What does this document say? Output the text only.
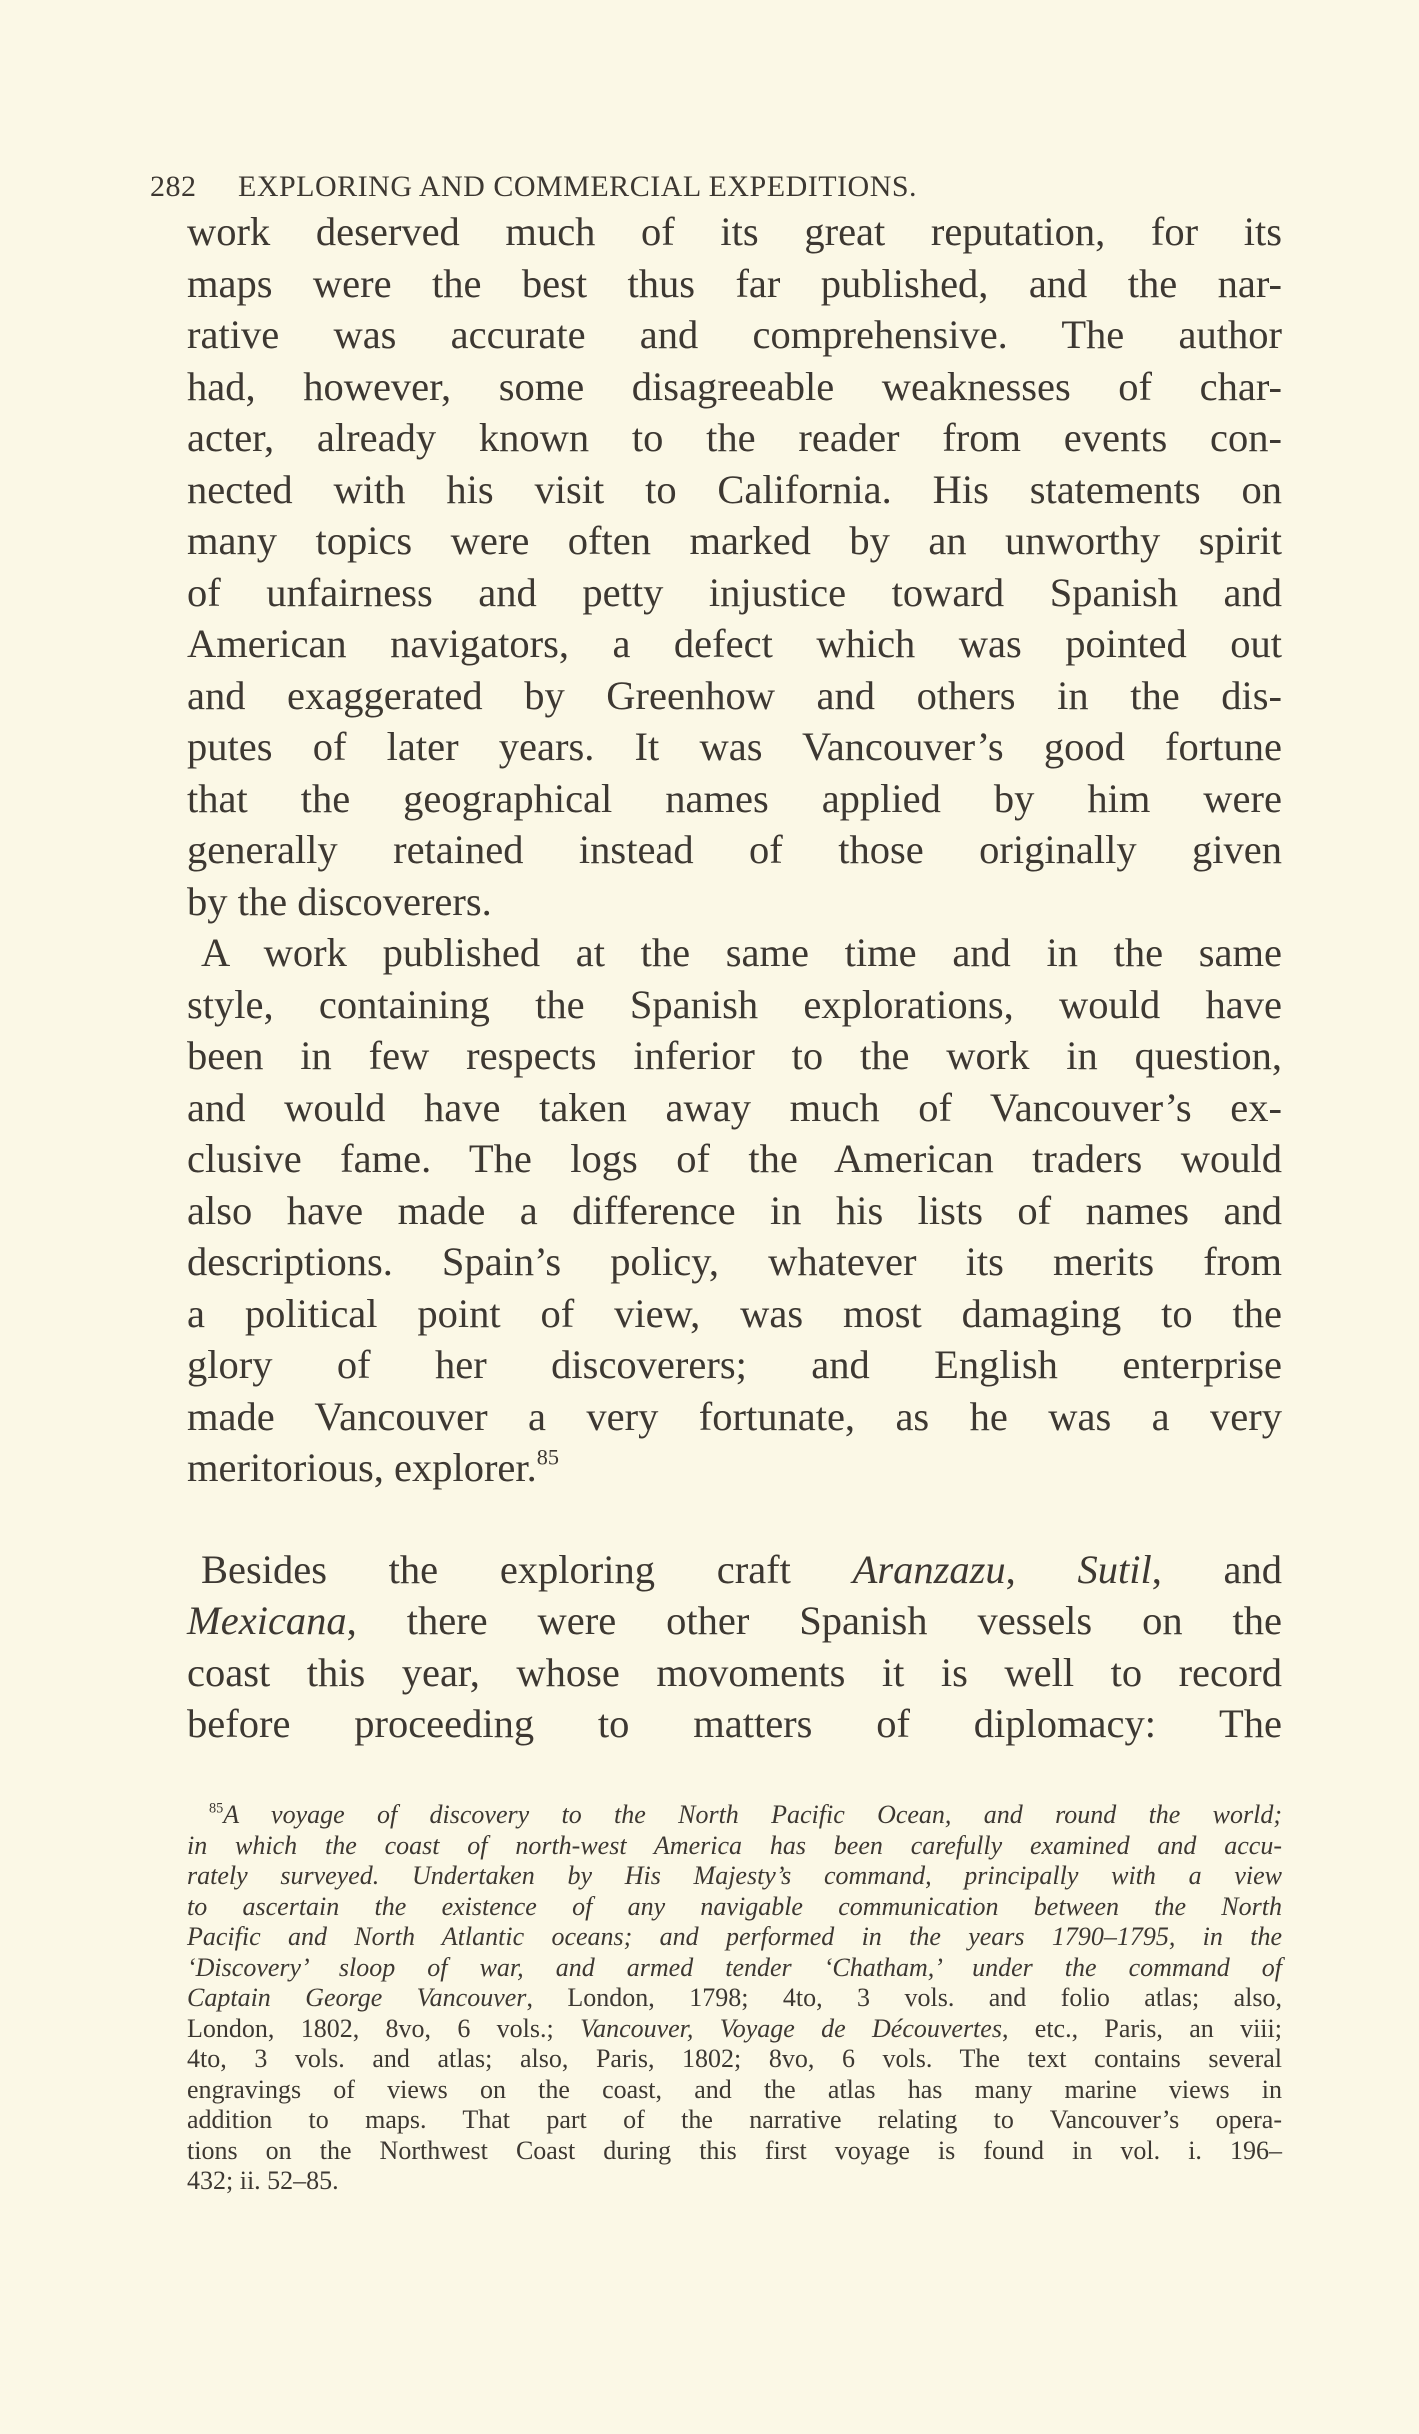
282 EXPLORING AND COMMERCIAL EXPEDITIONS.
work deserved much of its great reputation, for its
maps were the best thus far published, and the nar-
rative was accurate and comprehensive. The author
had, however, some disagreeable weaknesses of char-
acter, already known to the reader from events con-
nected with his visit to California. His statements on
many topics were often marked by an unworthy spirit
of unfairness and petty injustice toward Spanish and
American navigators, a defect which was pointed out
and exaggerated by Greenhow and others in the dis-
putes of later years. It was Vancouver’s good fortune
that the geographical names applied by him were
generally retained instead of those originally given
by the discoverers.
A work published at the same time and in the same
style, containing the Spanish explorations, would have
been in few respects inferior to the work in question,
and would have taken away much of Vancouver’s ex-
clusive fame. The logs of the American traders would
also have made a difference in his lists of names and
descriptions. Spain’s policy, whatever its merits from
a political point of view, was most damaging to the
glory of her discoverers; and English enterprise
made Vancouver a very fortunate, as he was a very
meritorious, explorer.$^{85}$
Besides the exploring craft Aranzazu, Sutil, and
Mexicana, there were other Spanish vessels on the
coast this year, whose movoments it is well to record
before proceeding to matters of diplomacy: The
$^{85}$A voyage of discovery to the North Pacific Ocean, and round the world;
in which the coast of north-west America has been carefully examined and accu-
rately surveyed. Undertaken by His Majesty’s command, principally with a view
to ascertain the existence of any navigable communication between the North
Pacific and North Atlantic oceans; and performed in the years 1790–1795, in the
‘Discovery’ sloop of war, and armed tender ‘Chatham,’ under the command of
Captain George Vancouver, London, 1798; 4to, 3 vols. and folio atlas; also,
London, 1802, 8vo, 6 vols.; Vancouver, Voyage de Découvertes, etc., Paris, an viii;
4to, 3 vols. and atlas; also, Paris, 1802; 8vo, 6 vols. The text contains several
engravings of views on the coast, and the atlas has many marine views in
addition to maps. That part of the narrative relating to Vancouver’s opera-
tions on the Northwest Coast during this first voyage is found in vol. i. 196–
432; ii. 52–85.
